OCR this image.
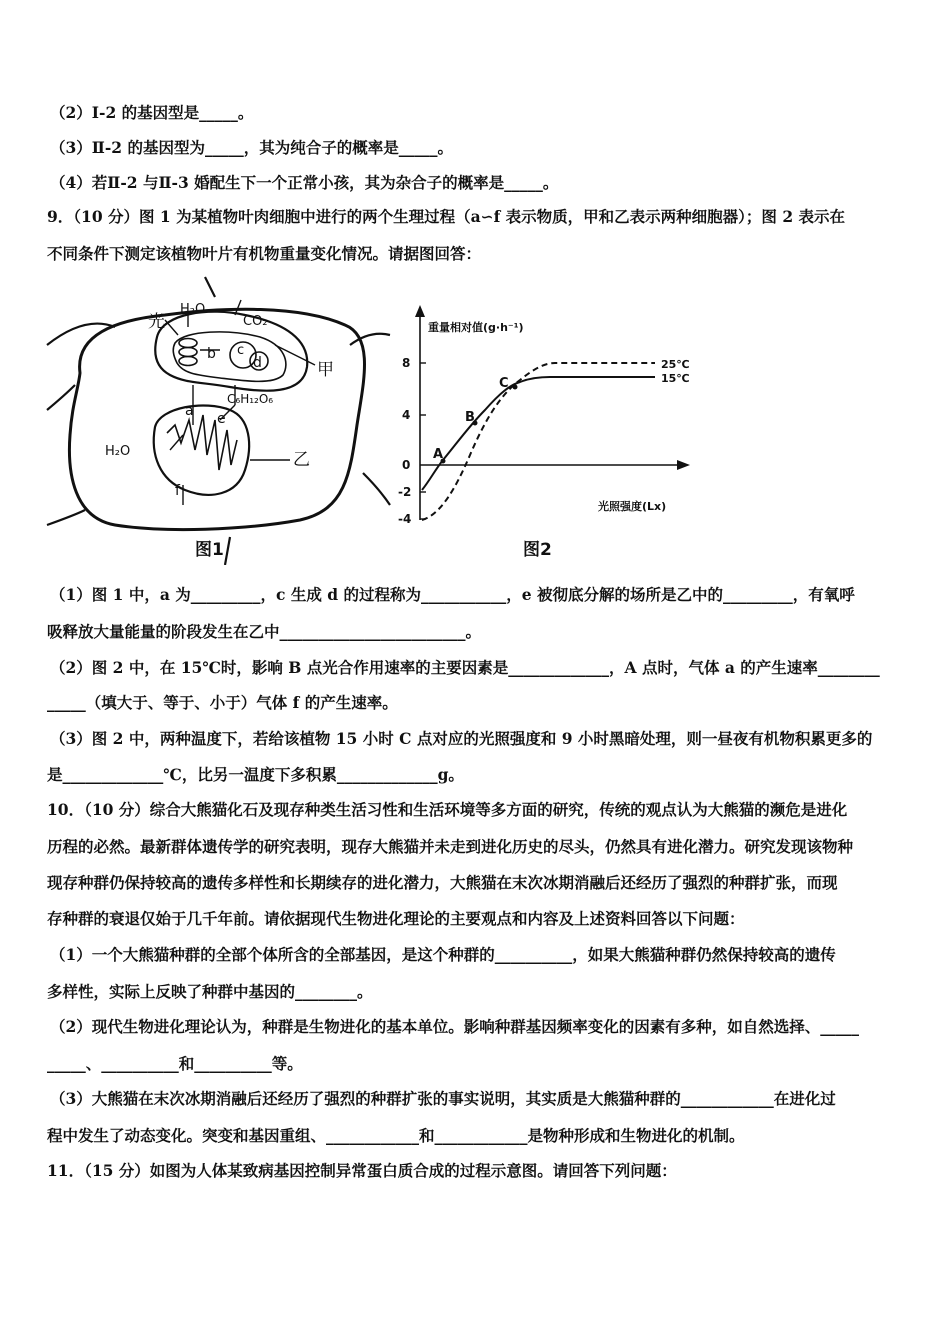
（2）Ⅰ-2 的基因型是_____。
（3）Ⅱ-2 的基因型为_____，其为纯合子的概率是_____。
（4）若Ⅱ-2 与Ⅱ-3 婚配生下一个正常小孩，其为杂合子的概率是_____。
9．（10 分）图 1 为某植物叶肉细胞中进行的两个生理过程（a∽f 表示物质，甲和乙表示两种细胞器）；图 2 表示在
不同条件下测定该植物叶片有机物重量变化情况。请据图回答：
（1）图 1 中，a 为_________，c 生成 d 的过程称为___________，e 被彻底分解的场所是乙中的_________，有氧呼
吸释放大量能量的阶段发生在乙中________________________。
（2）图 2 中，在 15℃时，影响 B 点光合作用速率的主要因素是_____________，A 点时，气体 a 的产生速率________
_____（填大于、等于、小于）气体 f 的产生速率。
（3）图 2 中，两种温度下，若给该植物 15 小时 C 点对应的光照强度和 9 小时黑暗处理，则一昼夜有机物积累更多的
是_____________℃，比另一温度下多积累_____________g。
10．（10 分）综合大熊猫化石及现存种类生活习性和生活环境等多方面的研究，传统的观点认为大熊猫的濒危是进化
历程的必然。最新群体遗传学的研究表明，现存大熊猫并未走到进化历史的尽头，仍然具有进化潜力。研究发现该物种
现存种群仍保持较高的遗传多样性和长期续存的进化潜力，大熊猫在末次冰期消融后还经历了强烈的种群扩张，而现
存种群的衰退仅始于几千年前。请依据现代生物进化理论的主要观点和内容及上述资料回答以下问题：
（1）一个大熊猫种群的全部个体所含的全部基因，是这个种群的__________，如果大熊猫种群仍然保持较高的遗传
多样性，实际上反映了种群中基因的________。
（2）现代生物进化理论认为，种群是生物进化的基本单位。影响种群基因频率变化的因素有多种，如自然选择、_____
_____、__________和__________等。
（3）大熊猫在末次冰期消融后还经历了强烈的种群扩张的事实说明，其实质是大熊猫种群的____________在进化过
程中发生了动态变化。突变和基因重组、____________和____________是物种形成和生物进化的机制。
11．（15 分）如图为人体某致病基因控制异常蛋白质合成的过程示意图。请回答下列问题：
光
H₂O
CO₂
b c
d
a e
C₆H₁₂O₆
H₂O
f
甲
乙
图1
8
4
0
-2
-4
重量相对值(g·h⁻¹)
光照强度(Lx)
A
B
C
25℃
15℃
图2
